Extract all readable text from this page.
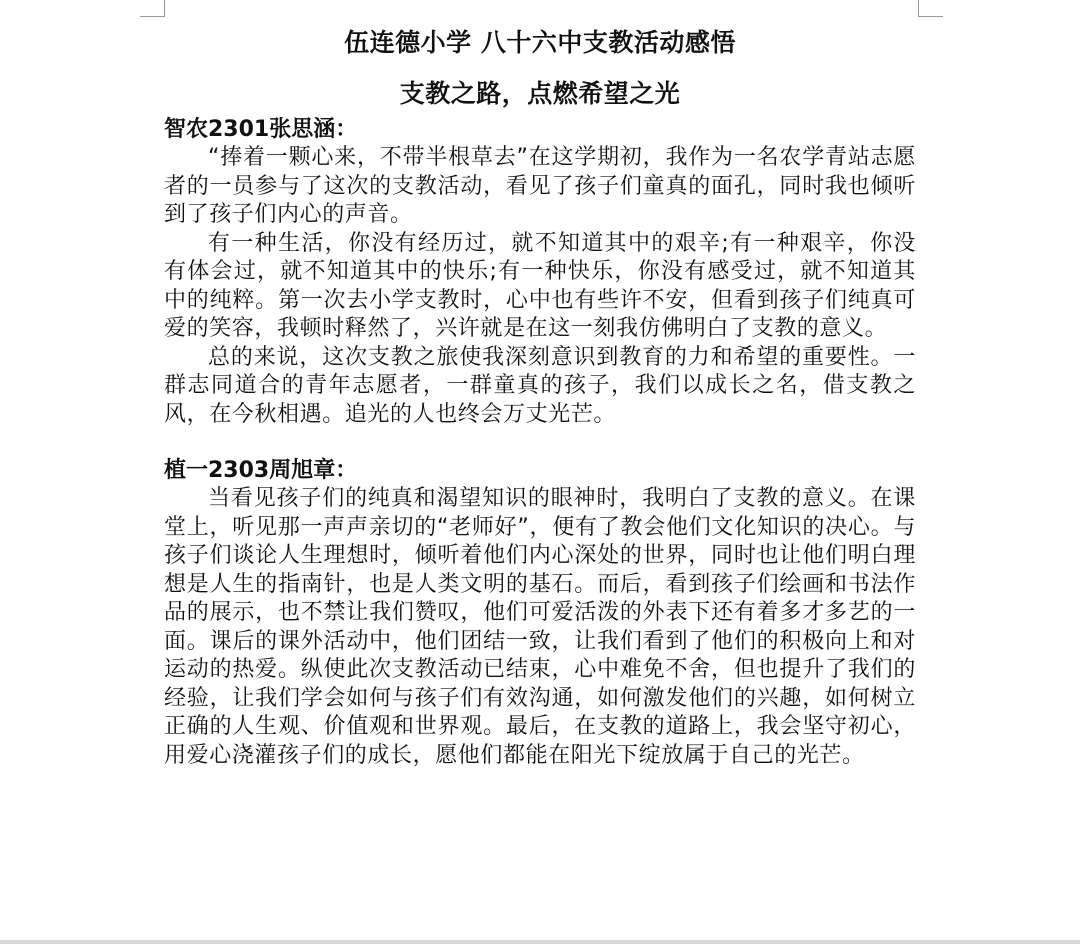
伍连德小学 八十六中支教活动感悟
支教之路，点燃希望之光

智农2301张思涵：

“捧着一颗心来，不带半根草去”在这学期初，我作为一名农学青站志愿者的一员参与了这次的支教活动，看见了孩子们童真的面孔，同时我也倾听到了孩子们内心的声音。

有一种生活，你没有经历过，就不知道其中的艰辛;有一种艰辛，你没有体会过，就不知道其中的快乐;有一种快乐，你没有感受过，就不知道其中的纯粹。第一次去小学支教时，心中也有些许不安，但看到孩子们纯真可爱的笑容，我顿时释然了，兴许就是在这一刻我仿佛明白了支教的意义。

总的来说，这次支教之旅使我深刻意识到教育的力和希望的重要性。一群志同道合的青年志愿者，一群童真的孩子，我们以成长之名，借支教之风，在今秋相遇。追光的人也终会万丈光芒。

植一2303周旭章：

当看见孩子们的纯真和渴望知识的眼神时，我明白了支教的意义。在课堂上，听见那一声声亲切的“老师好”，便有了教会他们文化知识的决心。与孩子们谈论人生理想时，倾听着他们内心深处的世界，同时也让他们明白理想是人生的指南针，也是人类文明的基石。而后，看到孩子们绘画和书法作品的展示，也不禁让我们赞叹，他们可爱活泼的外表下还有着多才多艺的一面。课后的课外活动中，他们团结一致，让我们看到了他们的积极向上和对运动的热爱。纵使此次支教活动已结束，心中难免不舍，但也提升了我们的经验，让我们学会如何与孩子们有效沟通，如何激发他们的兴趣，如何树立正确的人生观、价值观和世界观。最后，在支教的道路上，我会坚守初心，用爱心浇灌孩子们的成长，愿他们都能在阳光下绽放属于自己的光芒。
